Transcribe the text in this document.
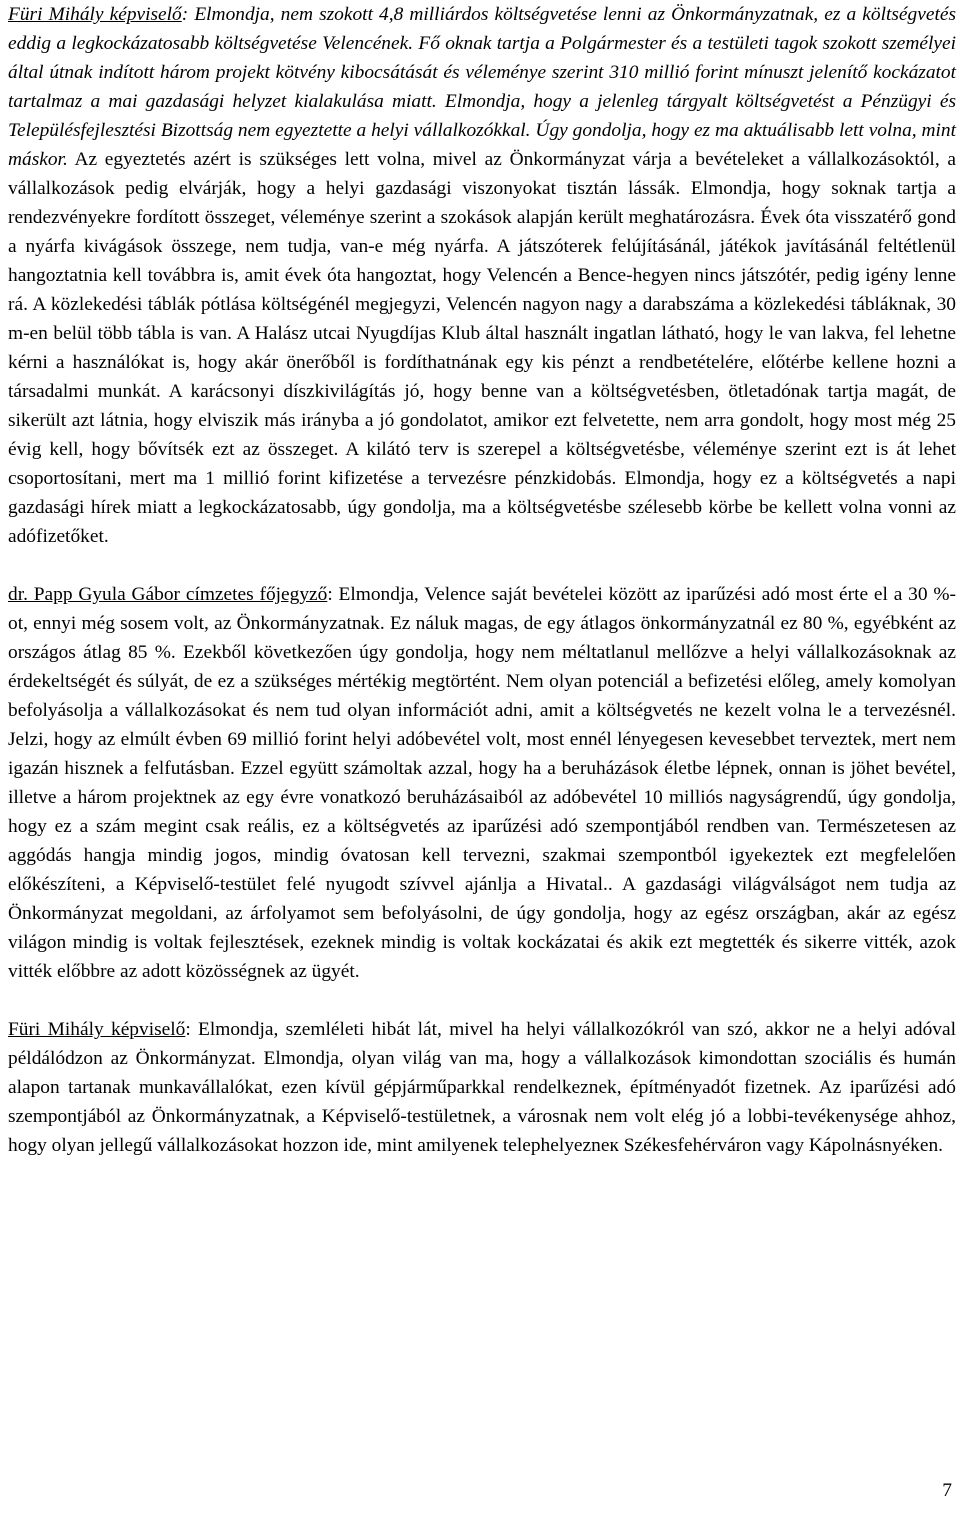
Füri Mihály képviselő: Elmondja, nem szokott 4,8 milliárdos költségvetése lenni az Önkormányzatnak, ez a költségvetés eddig a legkockázatosabb költségvetése Velencének. Fő oknak tartja a Polgármester és a testületi tagok szokott személyei által útnak indított három projekt kötvény kibocsátását és véleménye szerint 310 millió forint mínuszt jelenítő kockázatot tartalmaz a mai gazdasági helyzet kialakulása miatt. Elmondja, hogy a jelenleg tárgyalt költségvetést a Pénzügyi és Településfejlesztési Bizottság nem egyeztette a helyi vállalkozókkal. Úgy gondolja, hogy ez ma aktuálisabb lett volna, mint máskor. Az egyeztetés azért is szükséges lett volna, mivel az Önkormányzat várja a bevételeket a vállalkozásoktól, a vállalkozások pedig elvárják, hogy a helyi gazdasági viszonyokat tisztán lássák. Elmondja, hogy soknak tartja a rendezvényekre fordított összeget, véleménye szerint a szokások alapján került meghatározásra. Évek óta visszatérő gond a nyárfa kivágások összege, nem tudja, van-e még nyárfa. A játszóterek felújításánál, játékok javításánál feltétlenül hangoztatnia kell továbbra is, amit évek óta hangoztat, hogy Velencén a Bence-hegyen nincs játszótér, pedig igény lenne rá. A közlekedési táblák pótlása költségénél megjegyzi, Velencén nagyon nagy a darabszáma a közlekedési tábláknak, 30 m-en belül több tábla is van. A Halász utcai Nyugdíjas Klub által használt ingatlan látható, hogy le van lakva, fel lehetne kérni a használókat is, hogy akár önerőből is fordíthatnának egy kis pénzt a rendbetételére, előtérbe kellene hozni a társadalmi munkát. A karácsonyi díszkivilágítás jó, hogy benne van a költségvetésben, ötletadónak tartja magát, de sikerült azt látnia, hogy elviszik más irányba a jó gondolatot, amikor ezt felvetette, nem arra gondolt, hogy most még 25 évig kell, hogy bővítsék ezt az összeget. A kilátó terv is szerepel a költségvetésbe, véleménye szerint ezt is át lehet csoportosítani, mert ma 1 millió forint kifizetése a tervezésre pénzkidobás. Elmondja, hogy ez a költségvetés a napi gazdasági hírek miatt a legkockázatosabb, úgy gondolja, ma a költségvetésbe szélesebb körbe be kellett volna vonni az adófizetőket.

dr. Papp Gyula Gábor címzetes főjegyző: Elmondja, Velence saját bevételei között az iparűzési adó most érte el a 30 %-ot, ennyi még sosem volt, az Önkormányzatnak. Ez náluk magas, de egy átlagos önkormányzatnál ez 80 %, egyébként az országos átlag 85 %. Ezekből következően úgy gondolja, hogy nem méltatlanul mellőzve a helyi vállalkozásoknak az érdekeltségét és súlyát, de ez a szükséges mértékig megtörtént. Nem olyan potenciál a befizetési előleg, amely komolyan befolyásolja a vállalkozásokat és nem tud olyan információt adni, amit a költségvetés ne kezelt volna le a tervezésnél. Jelzi, hogy az elmúlt évben 69 millió forint helyi adóbevétel volt, most ennél lényegesen kevesebbet terveztek, mert nem igazán hisznek a felfutásban. Ezzel együtt számoltak azzal, hogy ha a beruházások életbe lépnek, onnan is jöhet bevétel, illetve a három projektnek az egy évre vonatkozó beruházásaiból az adóbevétel 10 milliós nagyságrendű, úgy gondolja, hogy ez a szám megint csak reális, ez a költségvetés az iparűzési adó szempontjából rendben van. Természetesen az aggódás hangja mindig jogos, mindig óvatosan kell tervezni, szakmai szempontból igyekeztek ezt megfelelően előkészíteni, a Képviselő-testület felé nyugodt szívvel ajánlja a Hivatal.. A gazdasági világválságot nem tudja az Önkormányzat megoldani, az árfolyamot sem befolyásolni, de úgy gondolja, hogy az egész országban, akár az egész világon mindig is voltak fejlesztések, ezeknek mindig is voltak kockázatai és akik ezt megtették és sikerre vitték, azok vitték előbbre az adott közösségnek az ügyét.

Füri Mihály képviselő: Elmondja, szemléleti hibát lát, mivel ha helyi vállalkozókról van szó, akkor ne a helyi adóval példálódzon az Önkormányzat. Elmondja, olyan világ van ma, hogy a vállalkozások kimondottan szociális és humán alapon tartanak munkavállalókat, ezen kívül gépjárműparkkal rendelkeznek, építményadót fizetnek. Az iparűzési adó szempontjából az Önkormányzatnak, a Képviselő-testületnek, a városnak nem volt elég jó a lobbi-tevékenysége ahhoz, hogy olyan jellegű vállalkozásokat hozzon ide, mint amilyenek telephelyezneк Székesfehérváron vagy Kápolnásnyéken.

7
